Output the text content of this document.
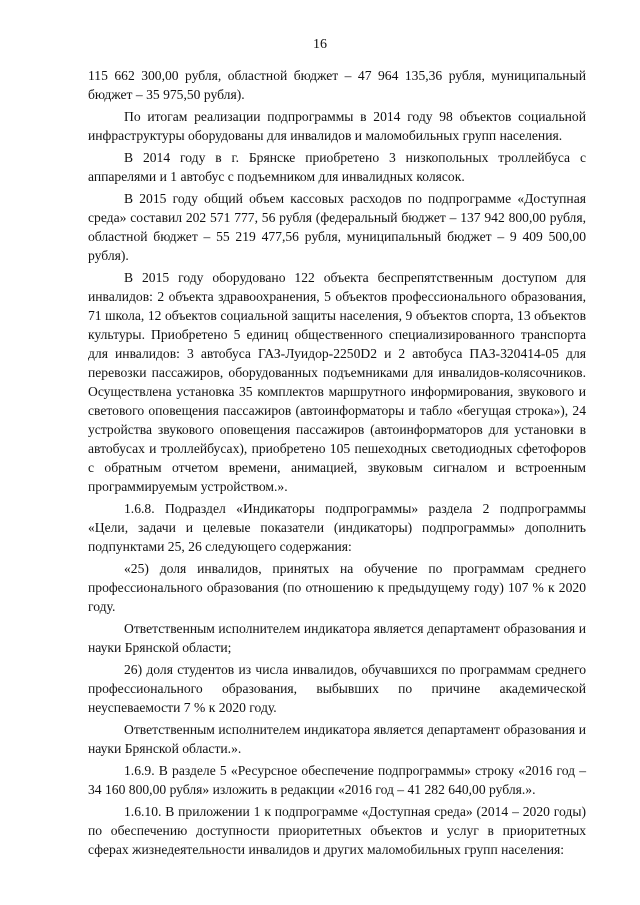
16

115 662 300,00 рубля, областной бюджет – 47 964 135,36 рубля, муниципальный бюджет – 35 975,50 рубля).

По итогам реализации подпрограммы в 2014 году 98 объектов социальной инфраструктуры оборудованы для инвалидов и маломобильных групп населения.

В 2014 году в г. Брянске приобретено 3 низкопольных троллейбуса с аппарелями и 1 автобус с подъемником для инвалидных колясок.

В 2015 году общий объем кассовых расходов по подпрограмме «Доступная среда» составил 202 571 777, 56 рубля (федеральный бюджет – 137 942 800,00 рубля, областной бюджет – 55 219 477,56 рубля, муниципальный бюджет – 9 409 500,00 рубля).

В 2015 году оборудовано 122 объекта беспрепятственным доступом для инвалидов: 2 объекта здравоохранения, 5 объектов профессионального образования, 71 школа, 12 объектов социальной защиты населения, 9 объектов спорта, 13 объектов культуры. Приобретено 5 единиц общественного специализированного транспорта для инвалидов: 3 автобуса ГАЗ-Луидор-2250D2 и 2 автобуса ПАЗ-320414-05 для перевозки пассажиров, оборудованных подъемниками для инвалидов-колясочников. Осуществлена установка 35 комплектов маршрутного информирования, звукового и светового оповещения пассажиров (автоинформаторы и табло «бегущая строка»), 24 устройства звукового оповещения пассажиров (автоинформаторов для установки в автобусах и троллейбусах), приобретено 105 пешеходных светодиодных сфетофоров с обратным отчетом времени, анимацией, звуковым сигналом и встроенным программируемым устройством.».

1.6.8. Подраздел «Индикаторы подпрограммы» раздела 2 подпрограммы «Цели, задачи и целевые показатели (индикаторы) подпрограммы» дополнить подпунктами 25, 26 следующего содержания:

«25) доля инвалидов, принятых на обучение по программам среднего профессионального образования (по отношению к предыдущему году) 107 % к 2020 году.

Ответственным исполнителем индикатора является департамент образования и науки Брянской области;

26) доля студентов из числа инвалидов, обучавшихся по программам среднего профессионального образования, выбывших по причине академической неуспеваемости 7 % к 2020 году.

Ответственным исполнителем индикатора является департамент образования и науки Брянской области.».

1.6.9. В разделе 5 «Ресурсное обеспечение подпрограммы» строку «2016 год – 34 160 800,00 рубля» изложить в редакции «2016 год – 41 282 640,00 рубля.».

1.6.10. В приложении 1 к подпрограмме «Доступная среда» (2014 – 2020 годы) по обеспечению доступности приоритетных объектов и услуг в приоритетных сферах жизнедеятельности инвалидов и других маломобильных групп населения:
